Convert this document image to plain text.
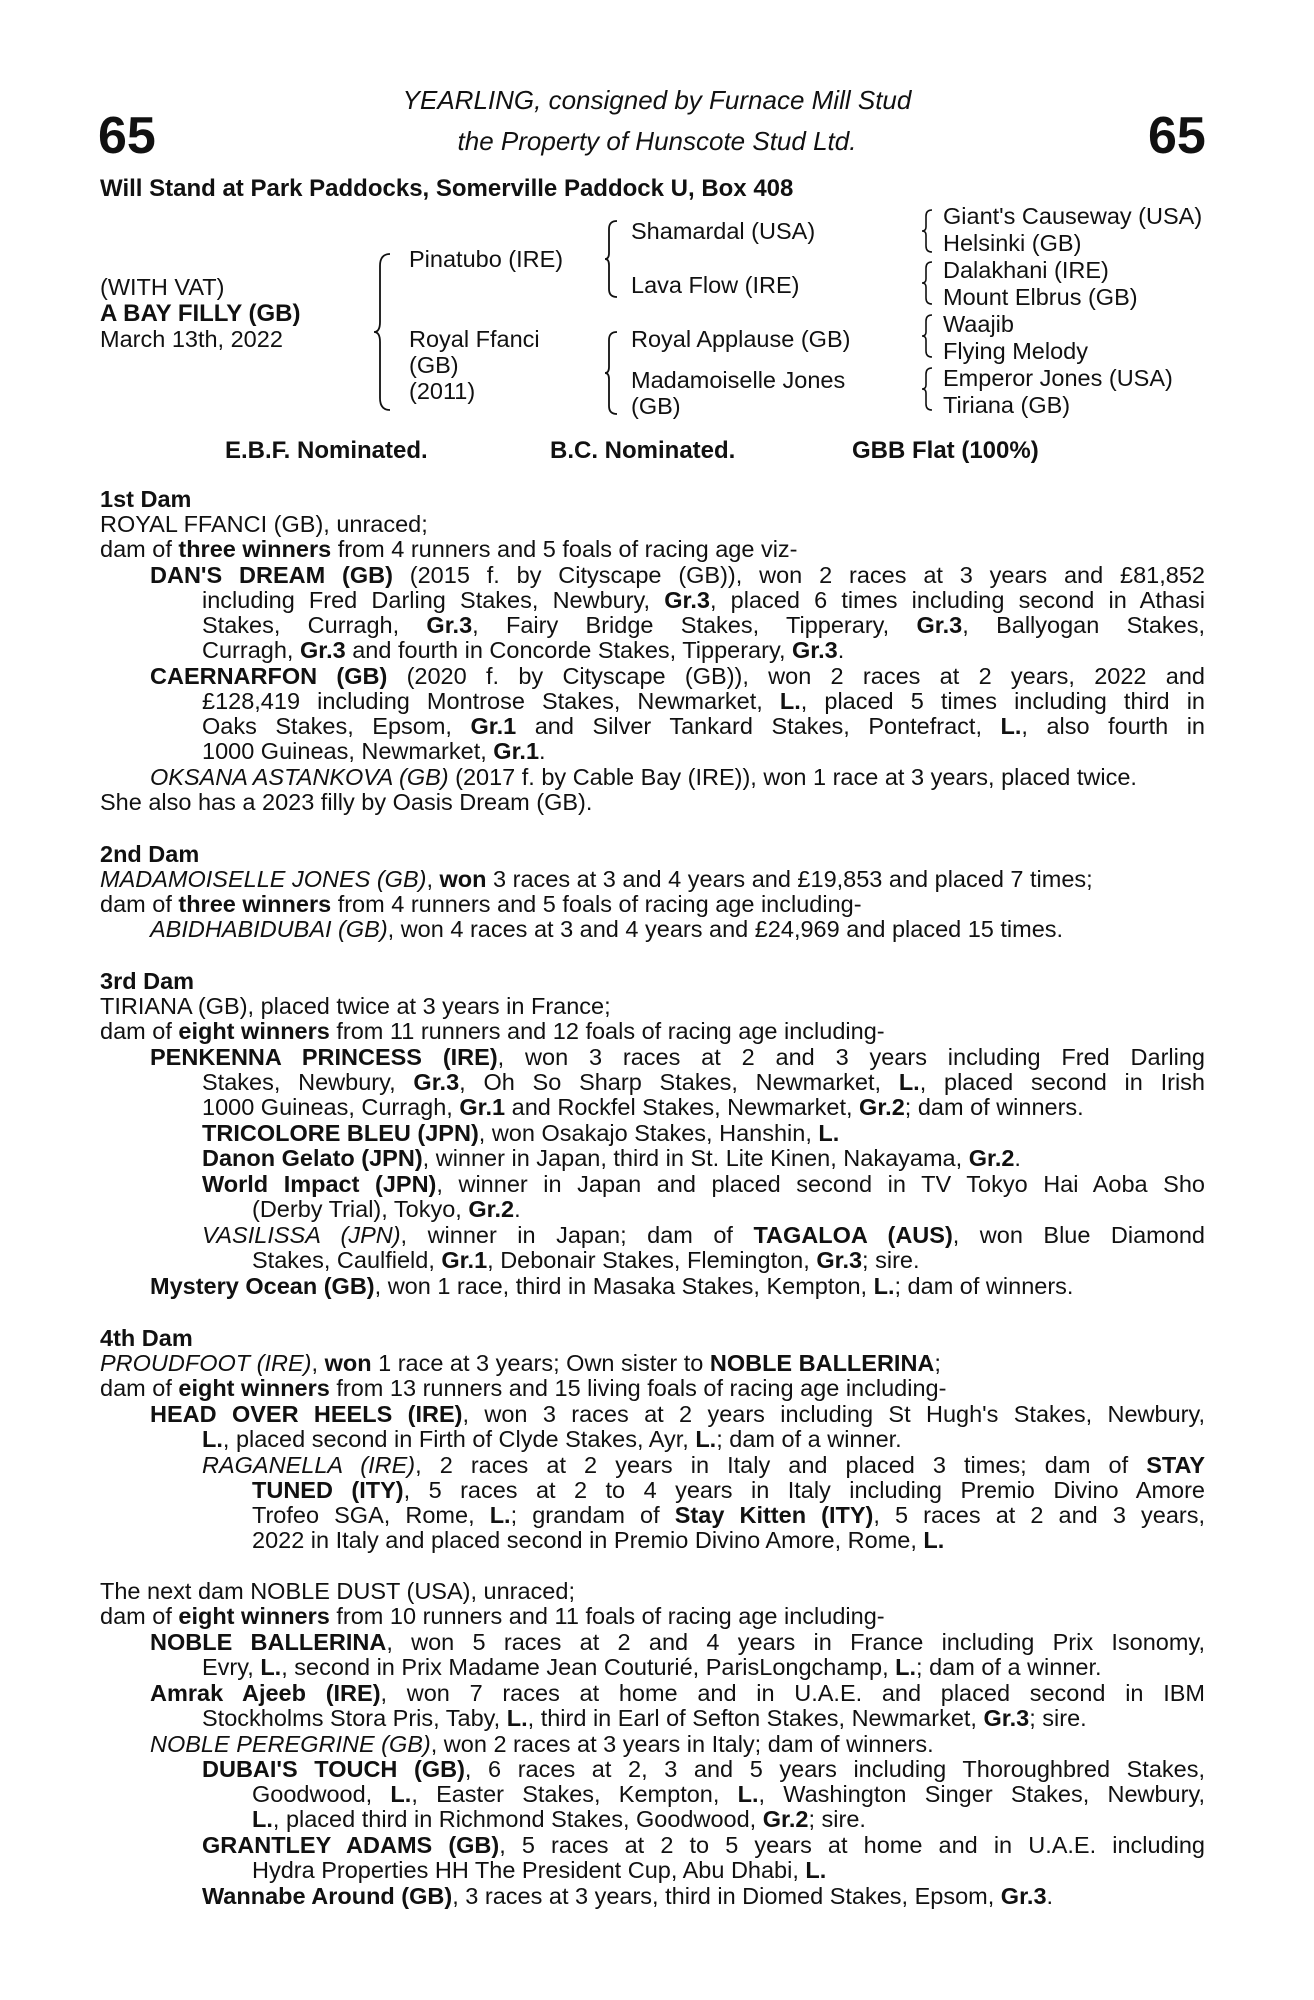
65	65
YEARLING, consigned by Furnace Mill Stud
the Property of Hunscote Stud Ltd.
Will Stand at Park Paddocks, Somerville Paddock U, Box 408
(WITH VAT)
A BAY FILLY (GB)
March 13th, 2022
Pinatubo (IRE)
Royal Ffanci
(GB)
(2011)
Shamardal (USA)
Lava Flow (IRE)
Royal Applause (GB)
Madamoiselle Jones
(GB)
Giant's Causeway (USA)
Helsinki (GB)
Dalakhani (IRE)
Mount Elbrus (GB)
Waajib
Flying Melody
Emperor Jones (USA)
Tiriana (GB)
E.B.F. Nominated.	B.C. Nominated.	GBB Flat (100%)
1st Dam
ROYAL FFANCI (GB), unraced;
dam of three winners from 4 runners and 5 foals of racing age viz-
DAN'S DREAM (GB) (2015 f. by Cityscape (GB)), won 2 races at 3 years and £81,852
including Fred Darling Stakes, Newbury, Gr.3, placed 6 times including second in Athasi
Stakes, Curragh, Gr.3, Fairy Bridge Stakes, Tipperary, Gr.3, Ballyogan Stakes,
Curragh, Gr.3 and fourth in Concorde Stakes, Tipperary, Gr.3.
CAERNARFON (GB) (2020 f. by Cityscape (GB)), won 2 races at 2 years, 2022 and
£128,419 including Montrose Stakes, Newmarket, L., placed 5 times including third in
Oaks Stakes, Epsom, Gr.1 and Silver Tankard Stakes, Pontefract, L., also fourth in
1000 Guineas, Newmarket, Gr.1.
OKSANA ASTANKOVA (GB) (2017 f. by Cable Bay (IRE)), won 1 race at 3 years, placed twice.
She also has a 2023 filly by Oasis Dream (GB).
2nd Dam
MADAMOISELLE JONES (GB), won 3 races at 3 and 4 years and £19,853 and placed 7 times;
dam of three winners from 4 runners and 5 foals of racing age including-
ABIDHABIDUBAI (GB), won 4 races at 3 and 4 years and £24,969 and placed 15 times.
3rd Dam
TIRIANA (GB), placed twice at 3 years in France;
dam of eight winners from 11 runners and 12 foals of racing age including-
PENKENNA PRINCESS (IRE), won 3 races at 2 and 3 years including Fred Darling
Stakes, Newbury, Gr.3, Oh So Sharp Stakes, Newmarket, L., placed second in Irish
1000 Guineas, Curragh, Gr.1 and Rockfel Stakes, Newmarket, Gr.2; dam of winners.
TRICOLORE BLEU (JPN), won Osakajo Stakes, Hanshin, L.
Danon Gelato (JPN), winner in Japan, third in St. Lite Kinen, Nakayama, Gr.2.
World Impact (JPN), winner in Japan and placed second in TV Tokyo Hai Aoba Sho
(Derby Trial), Tokyo, Gr.2.
VASILISSA (JPN), winner in Japan; dam of TAGALOA (AUS), won Blue Diamond
Stakes, Caulfield, Gr.1, Debonair Stakes, Flemington, Gr.3; sire.
Mystery Ocean (GB), won 1 race, third in Masaka Stakes, Kempton, L.; dam of winners.
4th Dam
PROUDFOOT (IRE), won 1 race at 3 years; Own sister to NOBLE BALLERINA;
dam of eight winners from 13 runners and 15 living foals of racing age including-
HEAD OVER HEELS (IRE), won 3 races at 2 years including St Hugh's Stakes, Newbury,
L., placed second in Firth of Clyde Stakes, Ayr, L.; dam of a winner.
RAGANELLA (IRE), 2 races at 2 years in Italy and placed 3 times; dam of STAY
TUNED (ITY), 5 races at 2 to 4 years in Italy including Premio Divino Amore
Trofeo SGA, Rome, L.; grandam of Stay Kitten (ITY), 5 races at 2 and 3 years,
2022 in Italy and placed second in Premio Divino Amore, Rome, L.
The next dam NOBLE DUST (USA), unraced;
dam of eight winners from 10 runners and 11 foals of racing age including-
NOBLE BALLERINA, won 5 races at 2 and 4 years in France including Prix Isonomy,
Evry, L., second in Prix Madame Jean Couturié, ParisLongchamp, L.; dam of a winner.
Amrak Ajeeb (IRE), won 7 races at home and in U.A.E. and placed second in IBM
Stockholms Stora Pris, Taby, L., third in Earl of Sefton Stakes, Newmarket, Gr.3; sire.
NOBLE PEREGRINE (GB), won 2 races at 3 years in Italy; dam of winners.
DUBAI'S TOUCH (GB), 6 races at 2, 3 and 5 years including Thoroughbred Stakes,
Goodwood, L., Easter Stakes, Kempton, L., Washington Singer Stakes, Newbury,
L., placed third in Richmond Stakes, Goodwood, Gr.2; sire.
GRANTLEY ADAMS (GB), 5 races at 2 to 5 years at home and in U.A.E. including
Hydra Properties HH The President Cup, Abu Dhabi, L.
Wannabe Around (GB), 3 races at 3 years, third in Diomed Stakes, Epsom, Gr.3.
